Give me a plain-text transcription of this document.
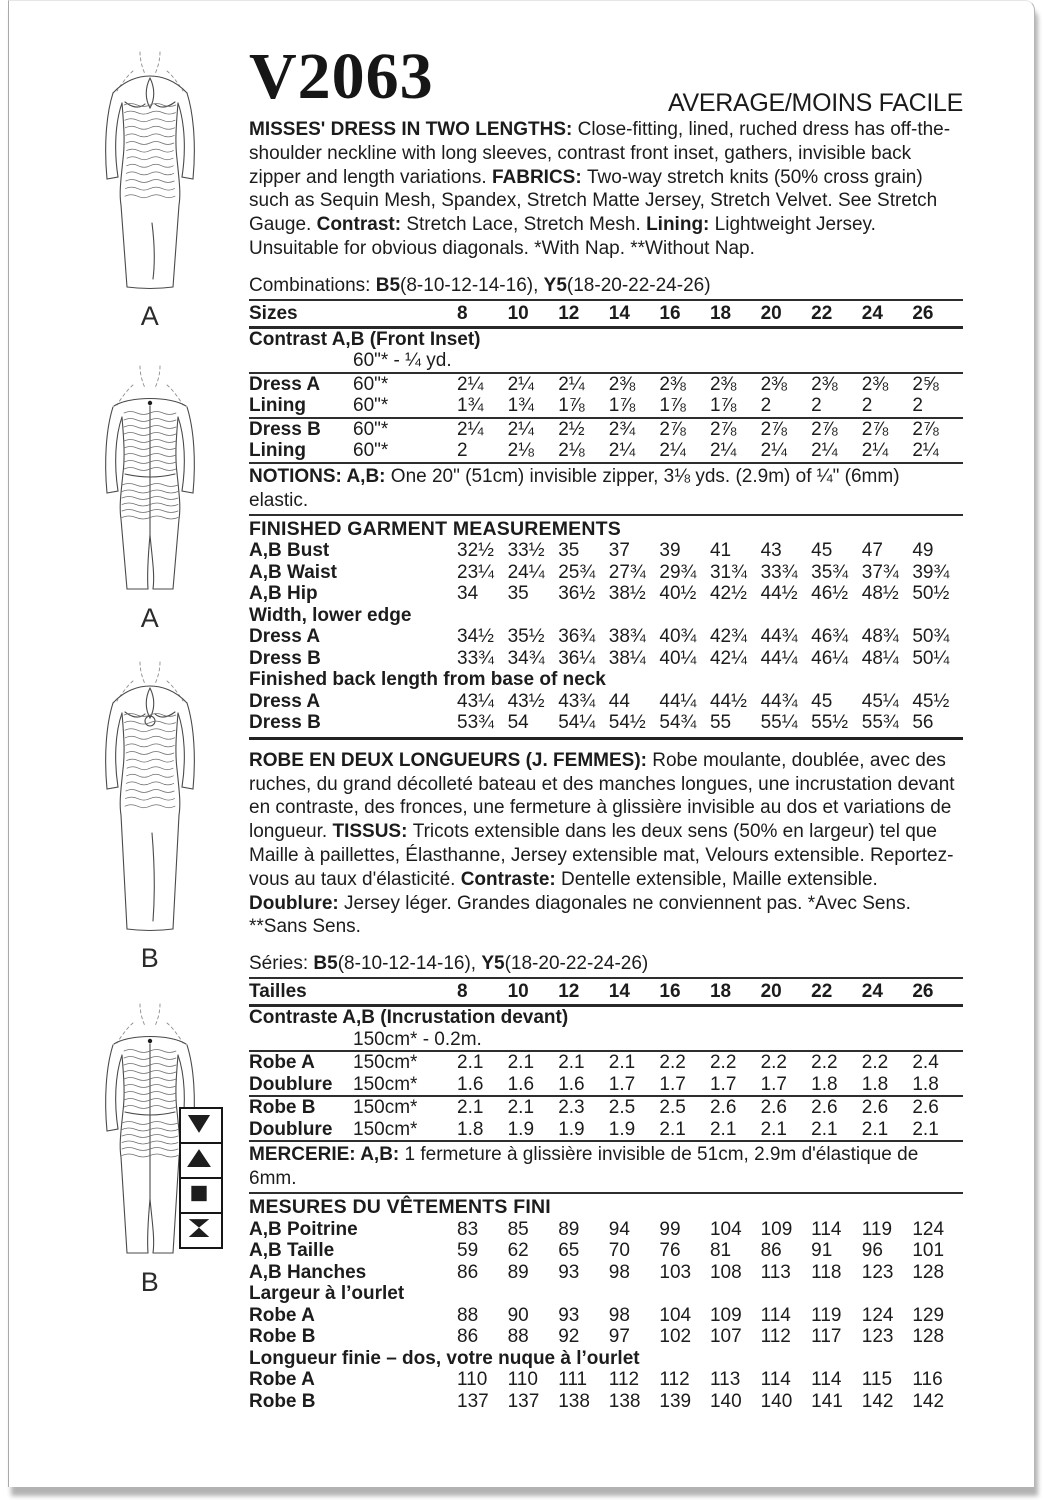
A
A
B
B
V2063	AVERAGE/MOINS FACILE

MISSES' DRESS IN TWO LENGTHS: Close-fitting, lined, ruched dress has off-the-shoulder neckline with long sleeves, contrast front inset, gathers, invisible back zipper and length variations. FABRICS: Two-way stretch knits (50% cross grain) such as Sequin Mesh, Spandex, Stretch Matte Jersey, Stretch Velvet. See Stretch Gauge. Contrast: Stretch Lace, Stretch Mesh. Lining: Lightweight Jersey. Unsuitable for obvious diagonals. *With Nap. **Without Nap.

Combinations: B5(8-10-12-14-16), Y5(18-20-22-24-26)
Sizes	8	10	12	14	16	18	20	22	24	26
Contrast A,B (Front Inset)
60"* - ¼ yd.
Dress A	60"*	2¼	2¼	2¼	2⅜	2⅜	2⅜	2⅜	2⅜	2⅜	2⅝
Lining	60"*	1¾	1¾	1⅞	1⅞	1⅞	1⅞	2	2	2	2
Dress B	60"*	2¼	2¼	2½	2¾	2⅞	2⅞	2⅞	2⅞	2⅞	2⅞
Lining	60"*	2	2⅛	2⅛	2¼	2¼	2¼	2¼	2¼	2¼	2¼
NOTIONS: A,B: One 20" (51cm) invisible zipper, 3⅛ yds. (2.9m) of ¼" (6mm) elastic.
FINISHED GARMENT MEASUREMENTS
A,B Bust	32½ 33½ 35	37	39	41	43	45	47	49
A,B Waist	23¼ 24¼ 25¾ 27¾ 29¾ 31¾ 33¾ 35¾ 37¾ 39¾
A,B Hip	34	35	36½ 38½ 40½ 42½ 44½ 46½ 48½ 50½
Width, lower edge
Dress A	34½ 35½ 36¾ 38¾ 40¾ 42¾ 44¾ 46¾ 48¾ 50¾
Dress B	33¾ 34¾ 36¼ 38¼ 40¼ 42¼ 44¼ 46¼ 48¼ 50¼
Finished back length from base of neck
Dress A	43¼ 43½ 43¾ 44	44¼ 44½ 44¾ 45	45¼ 45½
Dress B	53¾ 54	54¼ 54½ 54¾ 55	55¼ 55½ 55¾ 56

ROBE EN DEUX LONGUEURS (J. FEMMES): Robe moulante, doublée, avec des ruches, du grand décolleté bateau et des manches longues, une incrustation devant en contraste, des fronces, une fermeture à glissière invisible au dos et variations de longueur. TISSUS: Tricots extensible dans les deux sens (50% en largeur) tel que Maille à paillettes, Élasthanne, Jersey extensible mat, Velours extensible. Reportez-vous au taux d'élasticité. Contraste: Dentelle extensible, Maille extensible. Doublure: Jersey léger. Grandes diagonales ne conviennent pas. *Avec Sens. **Sans Sens.

Séries: B5(8-10-12-14-16), Y5(18-20-22-24-26)
Tailles	8	10	12	14	16	18	20	22	24	26
Contraste A,B (Incrustation devant)
150cm* - 0.2m.
Robe A	150cm*	2.1	2.1	2.1	2.1	2.2	2.2	2.2	2.2	2.2	2.4
Doublure	150cm*	1.6	1.6	1.6	1.7	1.7	1.7	1.7	1.8	1.8	1.8
Robe B	150cm*	2.1	2.1	2.3	2.5	2.5	2.6	2.6	2.6	2.6	2.6
Doublure	150cm*	1.8	1.9	1.9	1.9	2.1	2.1	2.1	2.1	2.1	2.1
MERCERIE: A,B: 1 fermeture à glissière invisible de 51cm, 2.9m d'élastique de 6mm.
MESURES DU VÊTEMENTS FINI
A,B Poitrine	83	85	89	94	99	104 109 114	119	124
A,B Taille	59	62	65	70	76	81	86	91	96	101
A,B Hanches	86	89	93	98	103 108 113	118	123 128
Largeur à l’ourlet
Robe A	88	90	93	98	104 109 114	119	124 129
Robe B	86	88	92	97	102 107 112	117	123 128
Longueur finie – dos, votre nuque à l’ourlet
Robe A	110	110	111	112	112	113	114	114	115	116
Robe B	137 137 138 138 139 140 140 141 142 142
